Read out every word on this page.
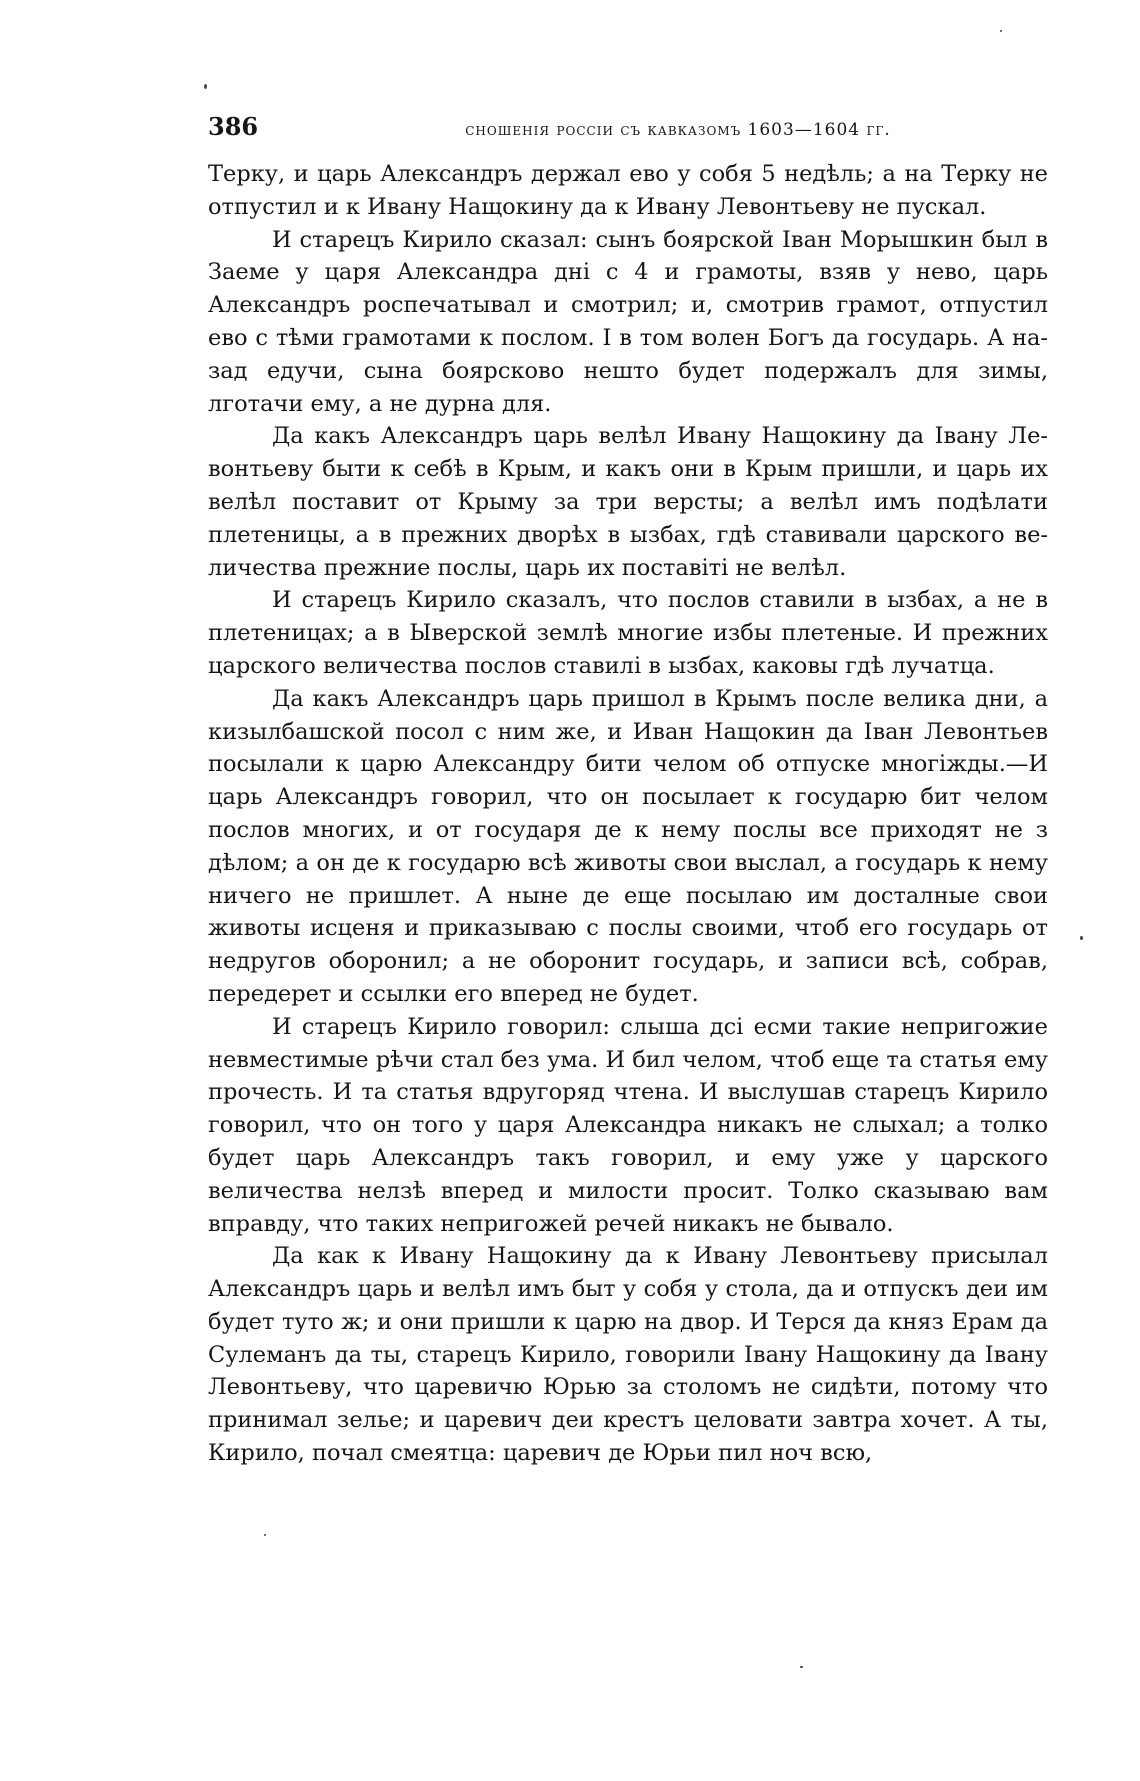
386	сношенія россіи съ кавказомъ 1603—1604 гг.

Терку, и царь Александръ держал ево у собя 5 недѣль; а на Терку не отпустил и к Ивану Нащокину да к Ивану Левонтьеву не пускал.

И старецъ Кирило сказал: сынъ боярской Іван Морышкин был в Заеме у царя Александра дні с 4 и грамоты, взяв у нево, царь Александръ роспечатывал и смотрил; и, смотрив грамот, отпустил ево с тѣми грамотами к послом. І в том волен Богъ да государь. А назад едучи, сына боярсково нешто будет подержалъ для зимы, лготачи ему, а не дурна для.

Да какъ Александръ царь велѣл Ивану Нащокину да Івану Левонтьеву быти к себѣ в Крым, и какъ они в Крым пришли, и царь их велѣл поставит от Крыму за три версты; а велѣл имъ подѣлати плетеницы, а в прежних дворѣх в ызбах, гдѣ ставивали царского величества прежние послы, царь их поставіті не велѣл.

И старецъ Кирило сказалъ, что послов ставили в ызбах, а не в плетеницах; а в Ыверской землѣ многие избы плетеные. И прежних царского величества послов ставилі в ызбах, каковы гдѣ лучатца.

Да какъ Александръ царь пришол в Крымъ после велика дни, а кизылбашской посол с ним же, и Иван Нащокин да Іван Левонтьев посылали к царю Александру бити челом об отпуске многіжды.—И царь Александръ говорил, что он посылает к государю бит челом послов многих, и от государя де к нему послы все приходят не з дѣлом; а он де к государю всѣ животы свои выслал, а государь к нему ничего не пришлет. А ныне де еще посылаю им досталные свои животы исценя и приказываю с послы своими, чтоб его государь от недругов оборонил; а не оборонит государь, и записи всѣ, собрав, передерет и ссылки его вперед не будет.

И старецъ Кирило говорил: слыша дсі есми такие непригожие невместимые рѣчи стал без ума. И бил челом, чтоб еще та статья ему прочесть. И та статья вдругоряд чтена. И выслушав старецъ Кирило говорил, что он того у царя Александра никакъ не слыхал; а толко будет царь Александръ такъ говорил, и ему уже у царского величества нелзѣ вперед и милости просит. Толко сказываю вам вправду, что таких непригожей речей никакъ не бывало.

Да как к Ивану Нащокину да к Ивану Левонтьеву присылал Александръ царь и велѣл имъ быт у собя у стола, да и отпускъ деи им будет туто ж; и они пришли к царю на двор. И Терся да княз Ерам да Сулеманъ да ты, старецъ Кирило, говорили Івану Нащокину да Івану Левонтьеву, что царевичю Юрью за столомъ не сидѣти, потому что принимал зелье; и царевич деи крестъ целовати завтра хочет. А ты, Кирило, почал смеятца: царевич де Юрьи пил ноч всю,
